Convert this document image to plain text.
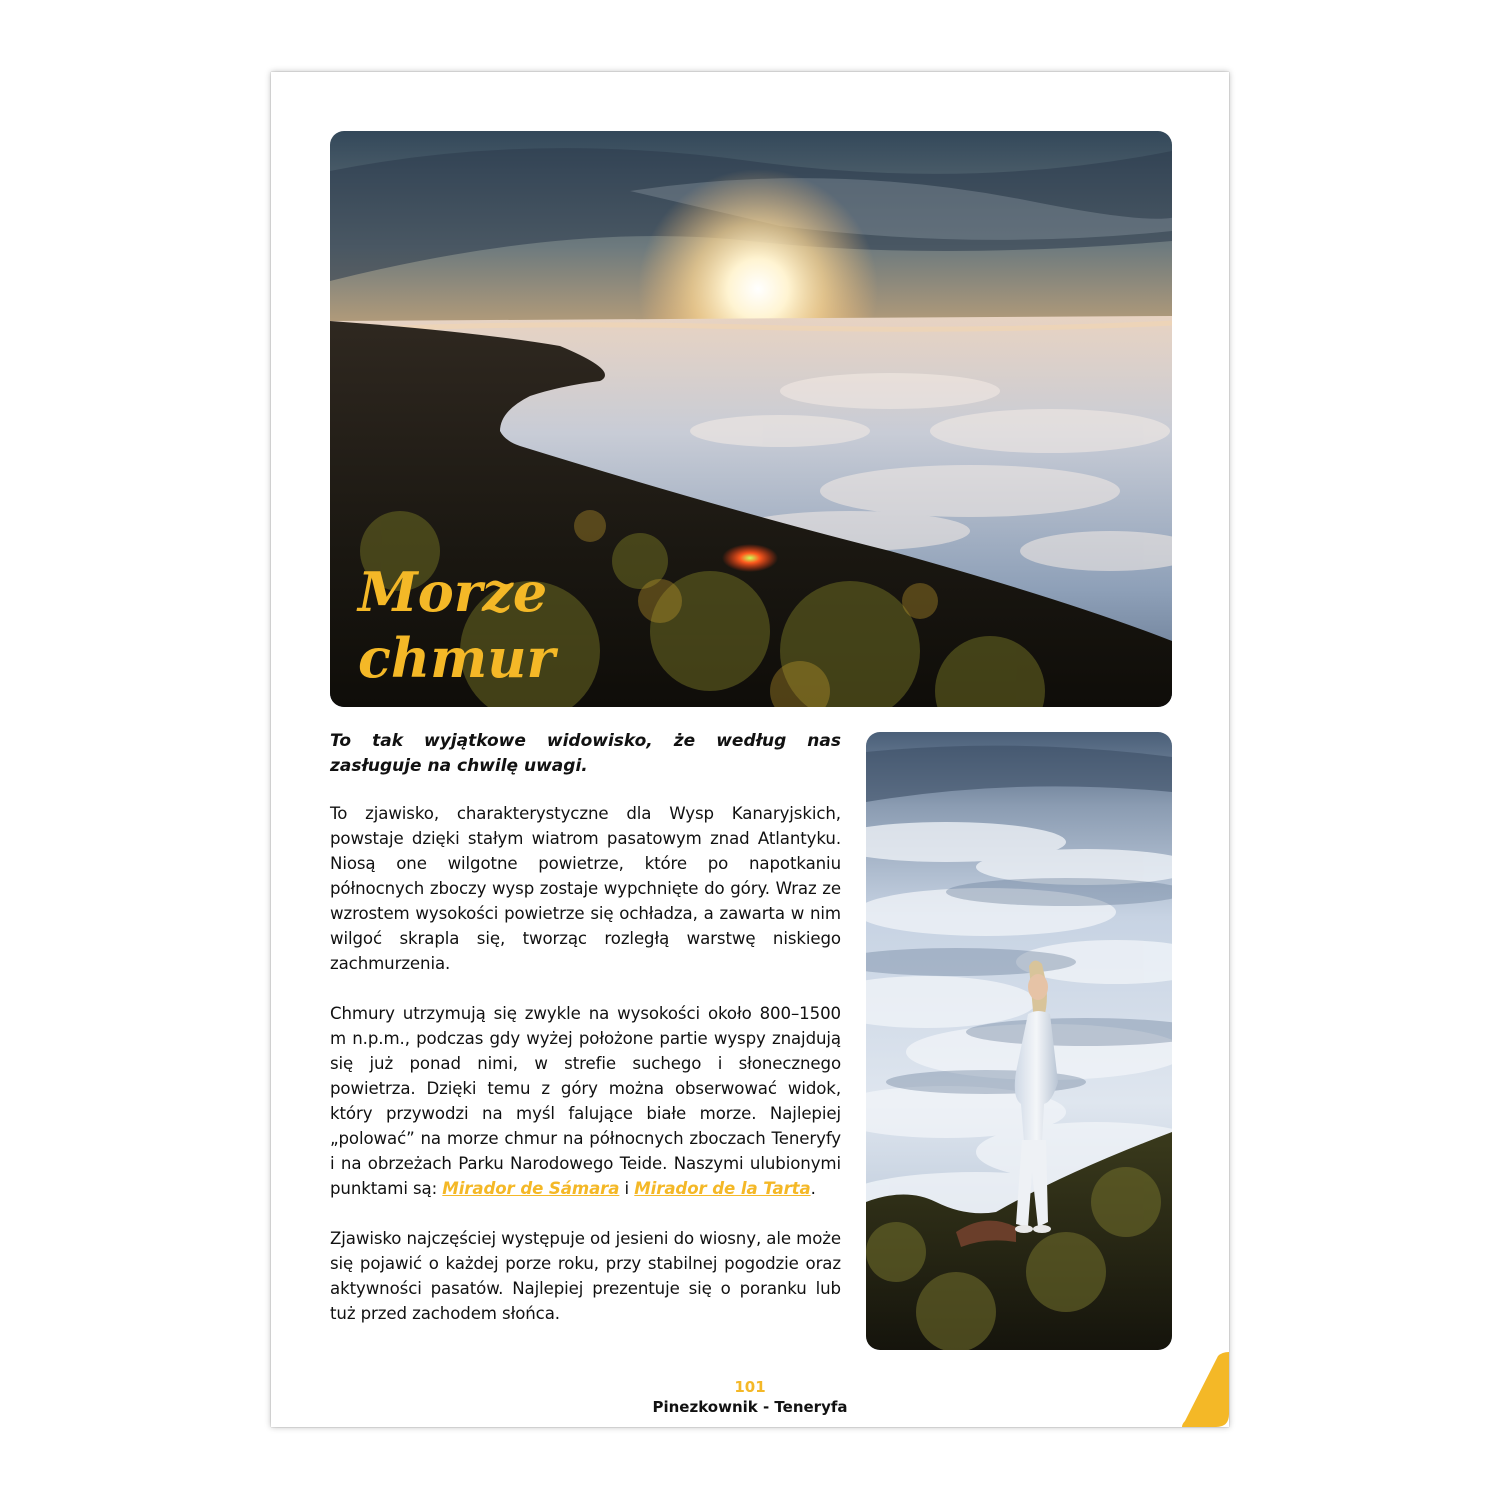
Morze
chmur

To tak wyjątkowe widowisko, że według nas zasługuje na chwilę uwagi.

To zjawisko, charakterystyczne dla Wysp Kanaryjskich, powstaje dzięki stałym wiatrom pasatowym znad Atlantyku. Niosą one wilgotne powietrze, które po napotkaniu północnych zboczy wysp zostaje wypchnięte do góry. Wraz ze wzrostem wysokości powietrze się ochładza, a zawarta w nim wilgoć skrapla się, tworząc rozległą warstwę niskiego zachmurzenia.

Chmury utrzymują się zwykle na wysokości około 800–1500 m n.p.m., podczas gdy wyżej położone partie wyspy znajdują się już ponad nimi, w strefie suchego i słonecznego powietrza. Dzięki temu z góry można obserwować widok, który przywodzi na myśl falujące białe morze. Najlepiej „polować” na morze chmur na północnych zboczach Teneryfy i na obrzeżach Parku Narodowego Teide. Naszymi ulubionymi punktami są: Mirador de Sámara i Mirador de la Tarta.

Zjawisko najczęściej występuje od jesieni do wiosny, ale może się pojawić o każdej porze roku, przy stabilnej pogodzie oraz aktywności pasatów. Najlepiej prezentuje się o poranku lub tuż przed zachodem słońca.

101
Pinezkownik - Teneryfa
